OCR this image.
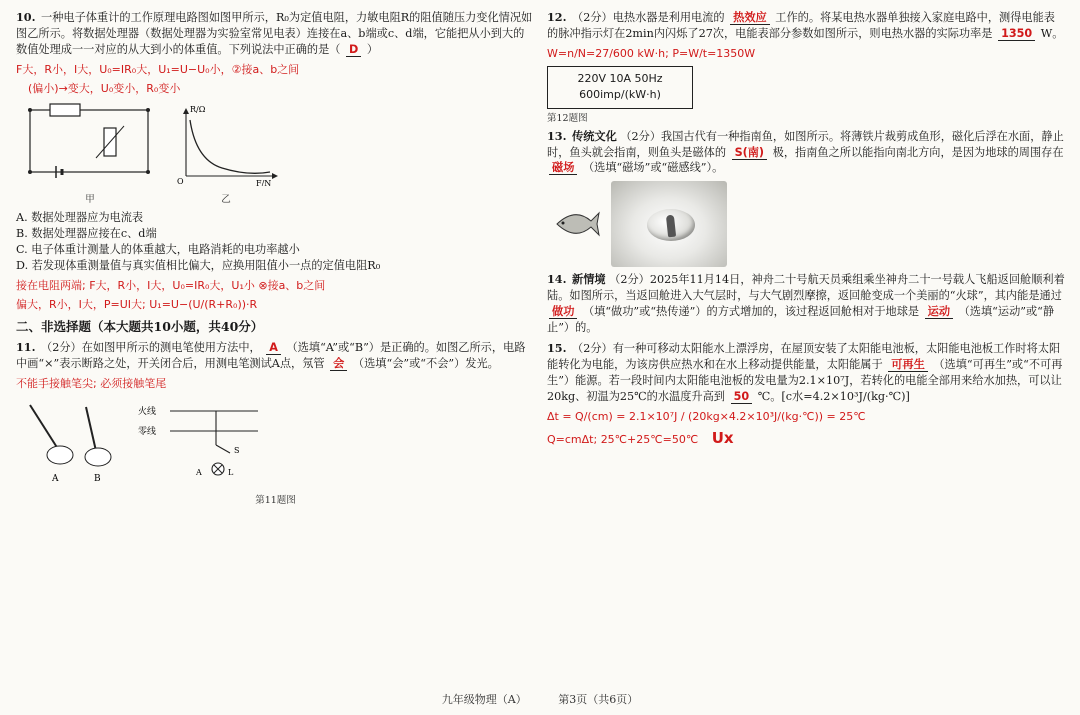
10. 一种电子体重计的工作原理电路图如图甲所示，R₀为定值电阻，力敏电阻R的阻值随压力变化情况如图乙所示。将数据处理器（数据处理器为实验室常见电表）连接在a、b端或c、d端，它能把从小到大的数值处理成一一对应的从大到小的体重值。下列说法中正确的是（ D ）
F大，R小，I大，U₀=IR₀大，U₁=U−U₀小，②接a、b之间
(偏小)→变大，U₀变小，R₀变小
甲
R/Ω
F/N
O
乙
A. 数据处理器应为电流表
B. 数据处理器应接在c、d端
C. 电子体重计测量人的体重越大，电路消耗的电功率越小
D. 若发现体重测量值与真实值相比偏大，应换用阻值小一点的定值电阻R₀
接在电阻两端; F大，R小，I大，U₀=IR₀大，U₁小 ⊗接a、b之间
偏大，R小，I大，P=UI大; U₁=U−(U/(R+R₀))·R
二、非选择题（本大题共10小题，共40分）
11. （2分）在如图甲所示的测电笔使用方法中， A （选填“A”或“B”）是正确的。如图乙所示，电路中画“×”表示断路之处，开关闭合后，用测电笔测试A点，氖管 会 （选填“会”或“不会”）发光。
不能手接触笔尖; 必须接触笔尾
A	B
火线
零线
S
L
A
第11题图
12. （2分）电热水器是利用电流的 热效应 工作的。将某电热水器单独接入家庭电路中，测得电能表的脉冲指示灯在2min内闪烁了27次，电能表部分参数如图所示，则电热水器的实际功率是 1350 W。
W=n/N=27/600 kW·h; P=W/t=1350W
220V 10A 50Hz
600imp/(kW·h)
第12题图
13. 传统文化 （2分）我国古代有一种指南鱼，如图所示。将薄铁片裁剪成鱼形，磁化后浮在水面，静止时，鱼头就会指南，则鱼头是磁体的 S(南) 极，指南鱼之所以能指向南北方向，是因为地球的周围存在 磁场 （选填“磁场”或“磁感线”）。
14. 新情境 （2分）2025年11月14日，神舟二十号航天员乘组乘坐神舟二十一号载人飞船返回舱顺利着陆。如图所示，当返回舱进入大气层时，与大气剧烈摩擦，返回舱变成一个美丽的“火球”，其内能是通过 做功 （填“做功”或“热传递”）的方式增加的，该过程返回舱相对于地球是 运动 （选填“运动”或“静止”）的。
15. （2分）有一种可移动太阳能水上漂浮房，在屋顶安装了太阳能电池板，太阳能电池板工作时将太阳能转化为电能，为该房供应热水和在水上移动提供能量，太阳能属于 可再生 （选填“可再生”或“不可再生”）能源。若一段时间内太阳能电池板的发电量为2.1×10⁷J，若转化的电能全部用来给水加热，可以让20kg、初温为25℃的水温度升高到 50 ℃。[c水=4.2×10³J/(kg·℃)]
Δt = Q/(cm) = 2.1×10⁷J / (20kg×4.2×10³J/(kg·℃)) = 25℃
Q=cmΔt; 25℃+25℃=50℃ Ux
九年级物理（A）	第3页（共6页）
